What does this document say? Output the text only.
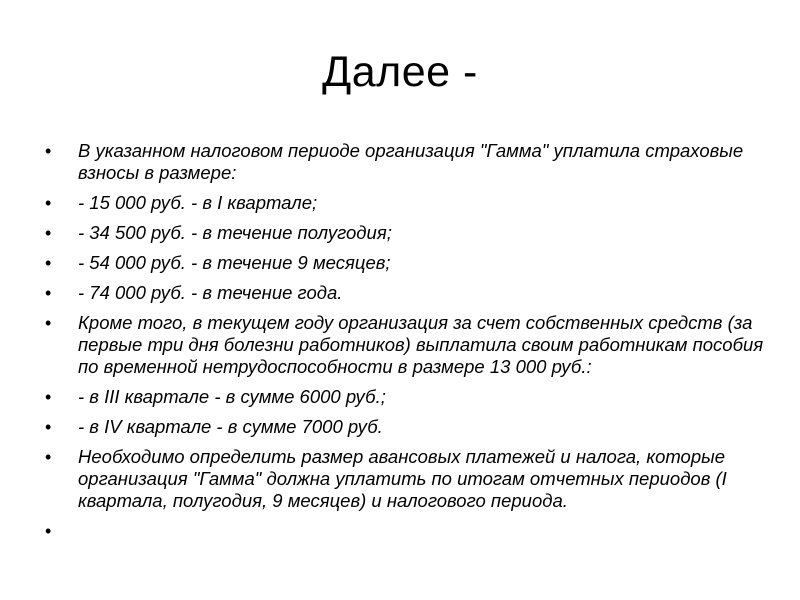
Далее -
• В указанном налоговом периоде организация "Гамма" уплатила страховые взносы в размере:
• - 15 000 руб. - в I квартале;
• - 34 500 руб. - в течение полугодия;
• - 54 000 руб. - в течение 9 месяцев;
• - 74 000 руб. - в течение года.
• Кроме того, в текущем году организация за счет собственных средств (за первые три дня болезни работников) выплатила своим работникам пособия по временной нетрудоспособности в размере 13 000 руб.:
• - в III квартале - в сумме 6000 руб.;
• - в IV квартале - в сумме 7000 руб.
• Необходимо определить размер авансовых платежей и налога, которые организация "Гамма" должна уплатить по итогам отчетных периодов (I квартала, полугодия, 9 месяцев) и налогового периода.
•
